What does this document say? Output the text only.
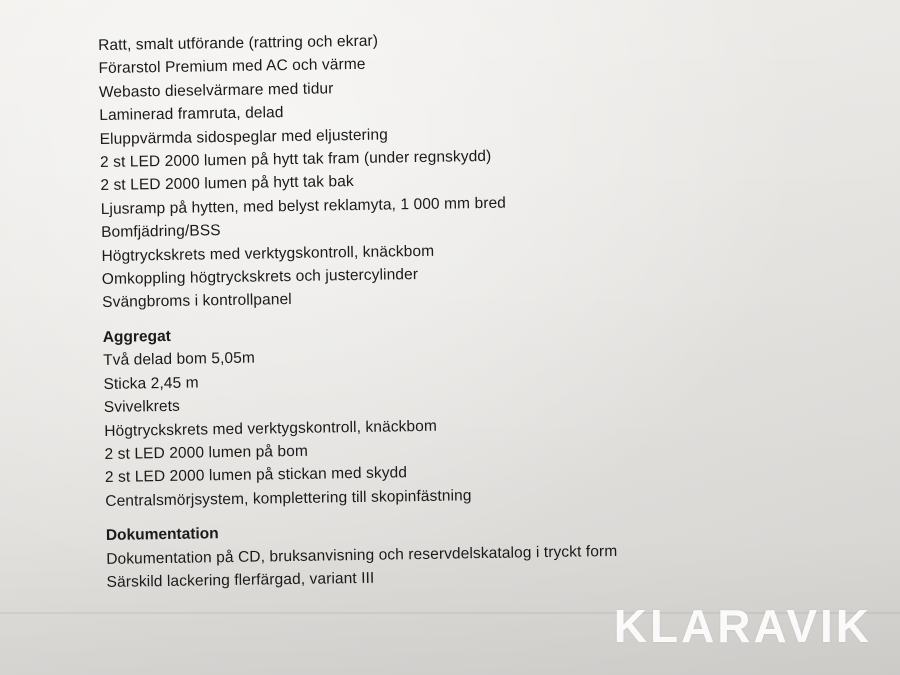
Ratt, smalt utförande (rattring och ekrar)
Förarstol Premium med AC och värme
Webasto dieselvärmare med tidur
Laminerad framruta, delad
Eluppvärmda sidospeglar med eljustering
2 st LED 2000 lumen på hytt tak fram (under regnskydd)
2 st LED 2000 lumen på hytt tak bak
Ljusramp på hytten, med belyst reklamyta, 1 000 mm bred
Bomfjädring/BSS
Högtryckskrets med verktygskontroll, knäckbom
Omkoppling högtryckskrets och justercylinder
Svängbroms i kontrollpanel
Aggregat
Två delad bom 5,05m
Sticka 2,45 m
Svivelkrets
Högtryckskrets med verktygskontroll, knäckbom
2 st LED 2000 lumen på bom
2 st LED 2000 lumen på stickan med skydd
Centralsmörjsystem, komplettering till skopinfästning
Dokumentation
Dokumentation på CD, bruksanvisning och reservdelskatalog i tryckt form
Särskild lackering flerfärgad, variant III
KLARAVIK
